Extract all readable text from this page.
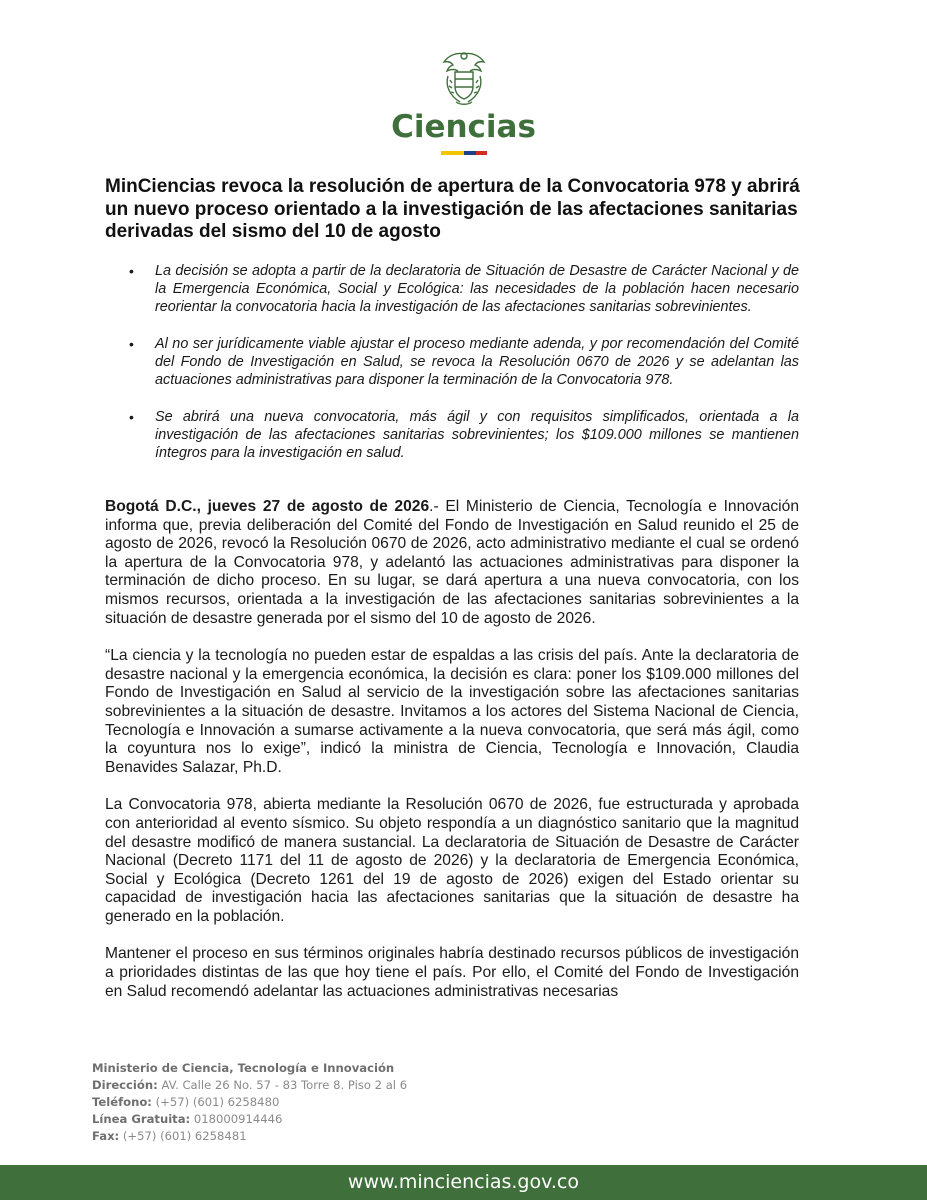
Ciencias
MinCiencias revoca la resolución de apertura de la Convocatoria 978 y abrirá un nuevo proceso orientado a la investigación de las afectaciones sanitarias derivadas del sismo del 10 de agosto
• La decisión se adopta a partir de la declaratoria de Situación de Desastre de Carácter Nacional y de la Emergencia Económica, Social y Ecológica: las necesidades de la población hacen necesario reorientar la convocatoria hacia la investigación de las afectaciones sanitarias sobrevinientes.
• Al no ser jurídicamente viable ajustar el proceso mediante adenda, y por recomendación del Comité del Fondo de Investigación en Salud, se revoca la Resolución 0670 de 2026 y se adelantan las actuaciones administrativas para disponer la terminación de la Convocatoria 978.
• Se abrirá una nueva convocatoria, más ágil y con requisitos simplificados, orientada a la investigación de las afectaciones sanitarias sobrevinientes; los $109.000 millones se mantienen íntegros para la investigación en salud.

Bogotá D.C., jueves 27 de agosto de 2026.- El Ministerio de Ciencia, Tecnología e Innovación informa que, previa deliberación del Comité del Fondo de Investigación en Salud reunido el 25 de agosto de 2026, revocó la Resolución 0670 de 2026, acto administrativo mediante el cual se ordenó la apertura de la Convocatoria 978, y adelantó las actuaciones administrativas para disponer la terminación de dicho proceso. En su lugar, se dará apertura a una nueva convocatoria, con los mismos recursos, orientada a la investigación de las afectaciones sanitarias sobrevinientes a la situación de desastre generada por el sismo del 10 de agosto de 2026.

“La ciencia y la tecnología no pueden estar de espaldas a las crisis del país. Ante la declaratoria de desastre nacional y la emergencia económica, la decisión es clara: poner los $109.000 millones del Fondo de Investigación en Salud al servicio de la investigación sobre las afectaciones sanitarias sobrevinientes a la situación de desastre. Invitamos a los actores del Sistema Nacional de Ciencia, Tecnología e Innovación a sumarse activamente a la nueva convocatoria, que será más ágil, como la coyuntura nos lo exige”, indicó la ministra de Ciencia, Tecnología e Innovación, Claudia Benavides Salazar, Ph.D.

La Convocatoria 978, abierta mediante la Resolución 0670 de 2026, fue estructurada y aprobada con anterioridad al evento sísmico. Su objeto respondía a un diagnóstico sanitario que la magnitud del desastre modificó de manera sustancial. La declaratoria de Situación de Desastre de Carácter Nacional (Decreto 1171 del 11 de agosto de 2026) y la declaratoria de Emergencia Económica, Social y Ecológica (Decreto 1261 del 19 de agosto de 2026) exigen del Estado orientar su capacidad de investigación hacia las afectaciones sanitarias que la situación de desastre ha generado en la población.

Mantener el proceso en sus términos originales habría destinado recursos públicos de investigación a prioridades distintas de las que hoy tiene el país. Por ello, el Comité del Fondo de Investigación en Salud recomendó adelantar las actuaciones administrativas necesarias

Ministerio de Ciencia, Tecnología e Innovación
Dirección: AV. Calle 26 No. 57 - 83 Torre 8. Piso 2 al 6
Teléfono: (+57) (601) 6258480
Línea Gratuita: 018000914446
Fax: (+57) (601) 6258481
www.minciencias.gov.co
